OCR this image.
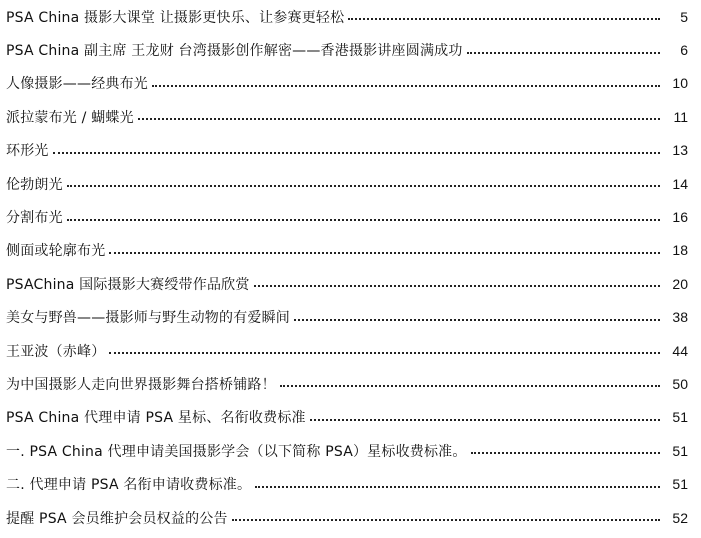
PSA China 摄影大课堂 让摄影更快乐、让参赛更轻松	5
PSA China 副主席 王龙财 台湾摄影创作解密——香港摄影讲座圆满成功	6
人像摄影——经典布光	10
派拉蒙布光 / 蝴蝶光	11
环形光	13
伦勃朗光	14
分割布光	16
侧面或轮廓布光	18
PSAChina 国际摄影大赛绶带作品欣赏	20
美女与野兽——摄影师与野生动物的有爱瞬间	38
王亚波（赤峰）	44
为中国摄影人走向世界摄影舞台搭桥铺路！	50
PSA China 代理申请 PSA 星标、名衔收费标准	51
一. PSA China 代理申请美国摄影学会（以下简称 PSA）星标收费标准。	51
二. 代理申请 PSA 名衔申请收费标准。	51
提醒 PSA 会员维护会员权益的公告	52
